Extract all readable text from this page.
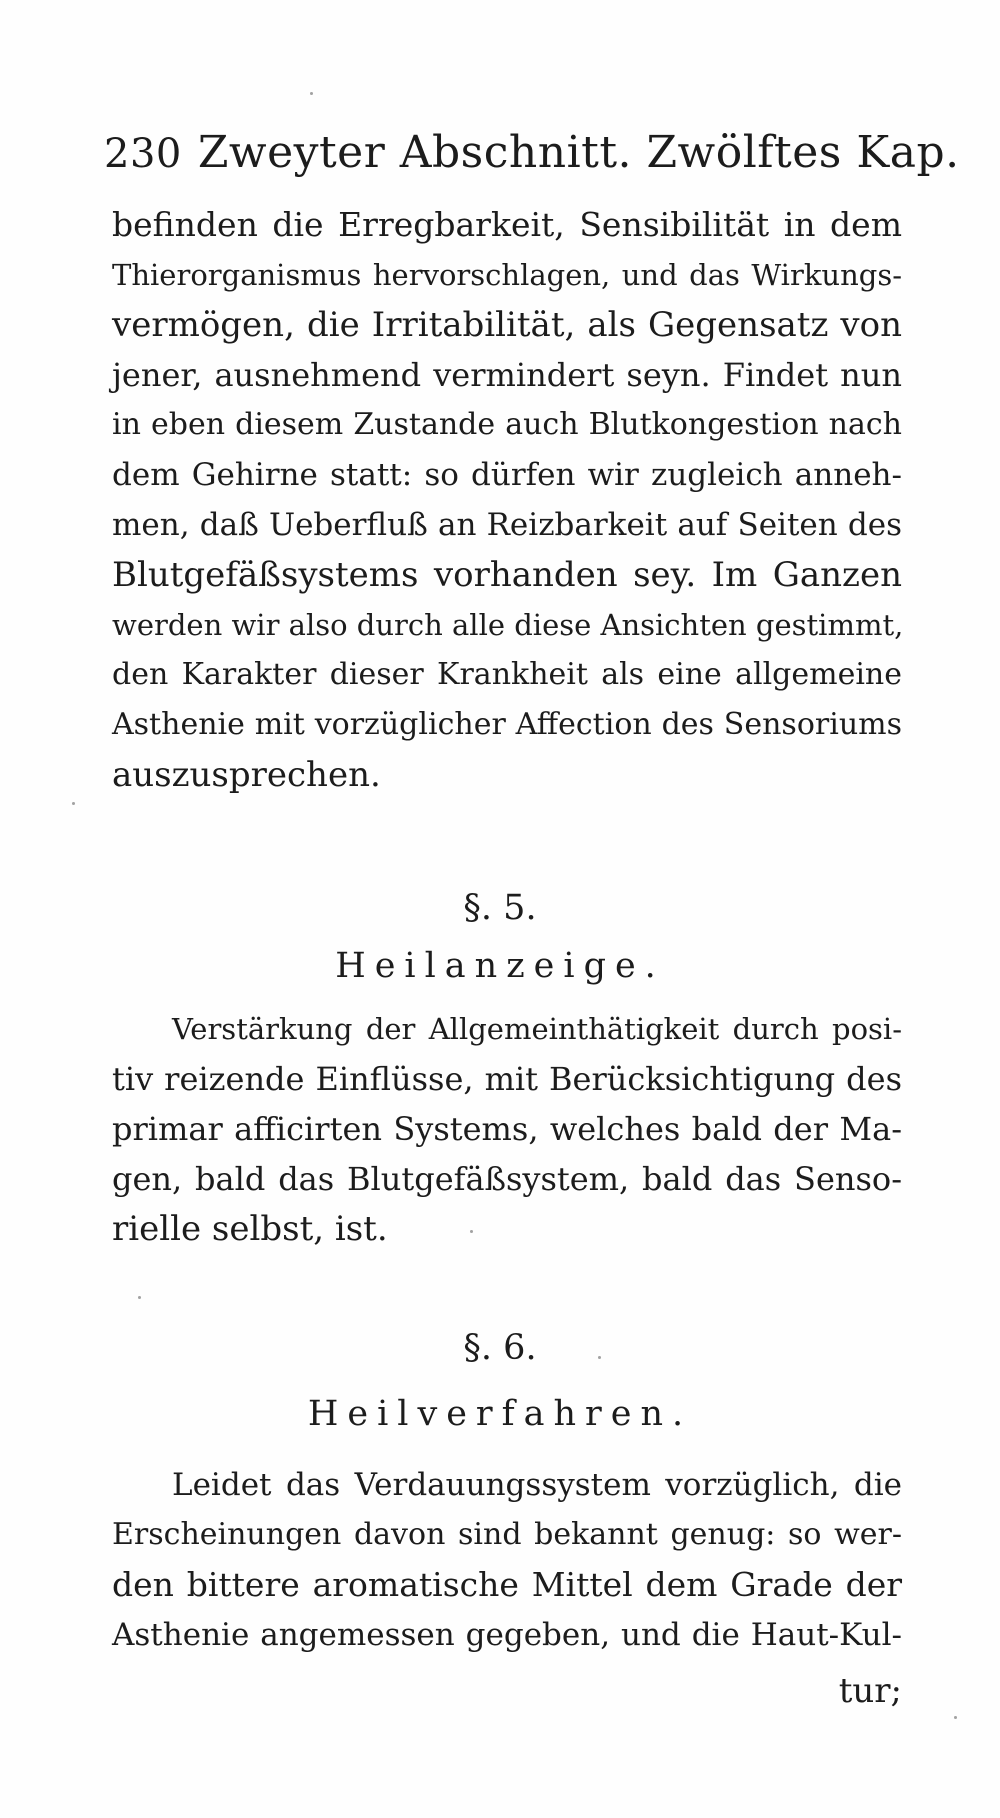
230 Zweyter Abschnitt. Zwölftes Kap.
befinden die Erregbarkeit, Sensibilität in dem
Thierorganismus hervorschlagen, und das Wirkungs-
vermögen, die Irritabilität, als Gegensatz von
jener, ausnehmend vermindert seyn. Findet nun
in eben diesem Zustande auch Blutkongestion nach
dem Gehirne statt: so dürfen wir zugleich anneh-
men, daß Ueberfluß an Reizbarkeit auf Seiten des
Blutgefäßsystems vorhanden sey. Im Ganzen
werden wir also durch alle diese Ansichten gestimmt,
den Karakter dieser Krankheit als eine allgemeine
Asthenie mit vorzüglicher Affection des Sensoriums
auszusprechen.
§. 5.
Heilanzeige.
Verstärkung der Allgemeinthätigkeit durch posi-
tiv reizende Einflüsse, mit Berücksichtigung des
primar afficirten Systems, welches bald der Ma-
gen, bald das Blutgefäßsystem, bald das Senso-
rielle selbst, ist.
§. 6.
Heilverfahren.
Leidet das Verdauungssystem vorzüglich, die
Erscheinungen davon sind bekannt genug: so wer-
den bittere aromatische Mittel dem Grade der
Asthenie angemessen gegeben, und die Haut-Kul-
tur;
